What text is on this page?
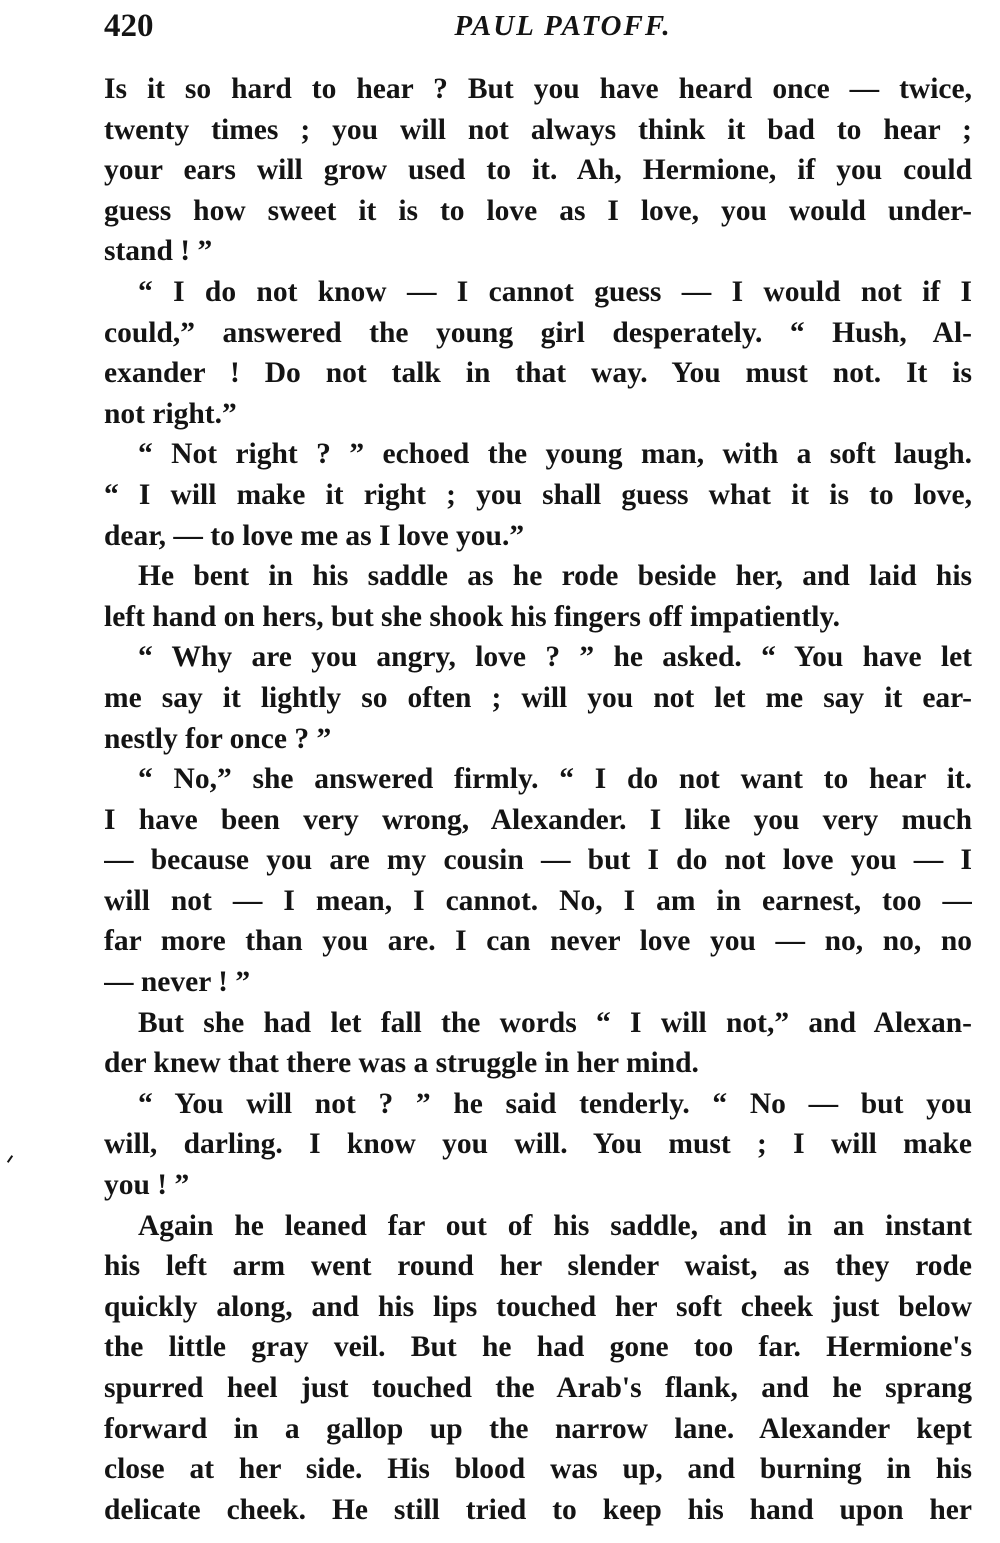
420	PAUL PATOFF.
Is it so hard to hear ? But you have heard once — twice,
twenty times ; you will not always think it bad to hear ;
your ears will grow used to it. Ah, Hermione, if you could
guess how sweet it is to love as I love, you would under-
stand ! ”
“ I do not know — I cannot guess — I would not if I
could,” answered the young girl desperately. “ Hush, Al-
exander ! Do not talk in that way. You must not. It is
not right.”
“ Not right ? ” echoed the young man, with a soft laugh.
“ I will make it right ; you shall guess what it is to love,
dear, — to love me as I love you.”
He bent in his saddle as he rode beside her, and laid his
left hand on hers, but she shook his fingers off impatiently.
“ Why are you angry, love ? ” he asked. “ You have let
me say it lightly so often ; will you not let me say it ear-
nestly for once ? ”
“ No,” she answered firmly. “ I do not want to hear it.
I have been very wrong, Alexander. I like you very much
— because you are my cousin — but I do not love you — I
will not — I mean, I cannot. No, I am in earnest, too —
far more than you are. I can never love you — no, no, no
— never ! ”
But she had let fall the words “ I will not,” and Alexan-
der knew that there was a struggle in her mind.
“ You will not ? ” he said tenderly. “ No — but you
will, darling. I know you will. You must ; I will make
you ! ”
Again he leaned far out of his saddle, and in an instant
his left arm went round her slender waist, as they rode
quickly along, and his lips touched her soft cheek just below
the little gray veil. But he had gone too far. Hermione's
spurred heel just touched the Arab's flank, and he sprang
forward in a gallop up the narrow lane. Alexander kept
close at her side. His blood was up, and burning in his
delicate cheek. He still tried to keep his hand upon her
